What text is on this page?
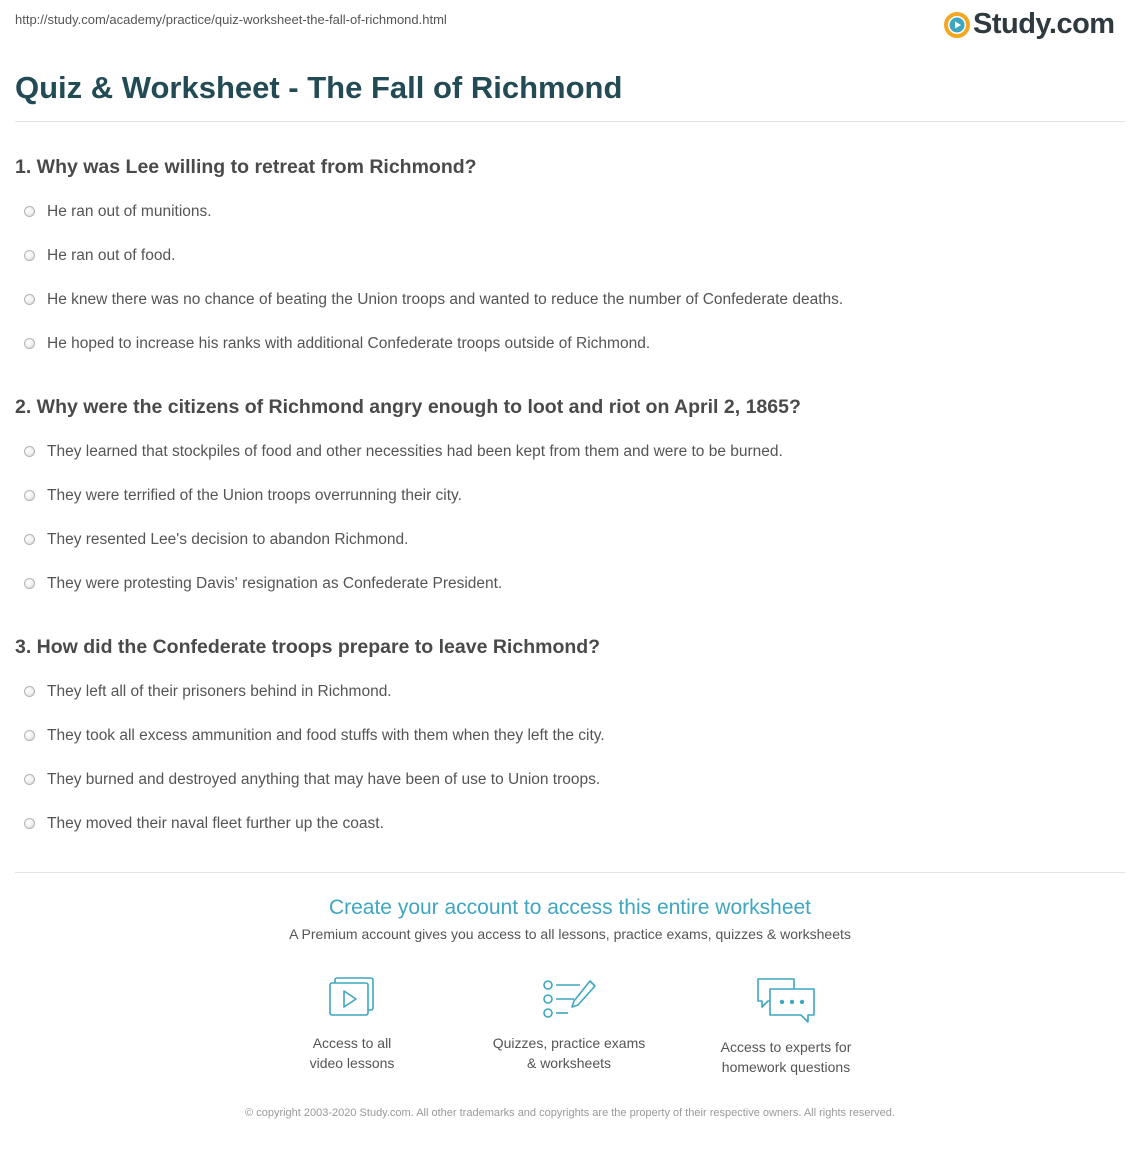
http://study.com/academy/practice/quiz-worksheet-the-fall-of-richmond.html	Study.com
Quiz & Worksheet - The Fall of Richmond
1. Why was Lee willing to retreat from Richmond?
He ran out of munitions.
He ran out of food.
He knew there was no chance of beating the Union troops and wanted to reduce the number of Confederate deaths.
He hoped to increase his ranks with additional Confederate troops outside of Richmond.
2. Why were the citizens of Richmond angry enough to loot and riot on April 2, 1865?
They learned that stockpiles of food and other necessities had been kept from them and were to be burned.
They were terrified of the Union troops overrunning their city.
They resented Lee's decision to abandon Richmond.
They were protesting Davis' resignation as Confederate President.
3. How did the Confederate troops prepare to leave Richmond?
They left all of their prisoners behind in Richmond.
They took all excess ammunition and food stuffs with them when they left the city.
They burned and destroyed anything that may have been of use to Union troops.
They moved their naval fleet further up the coast.
Create your account to access this entire worksheet
A Premium account gives you access to all lessons, practice exams, quizzes & worksheets
Access to all
video lessons
Quizzes, practice exams
& worksheets
Access to experts for
homework questions
© copyright 2003-2020 Study.com. All other trademarks and copyrights are the property of their respective owners. All rights reserved.
